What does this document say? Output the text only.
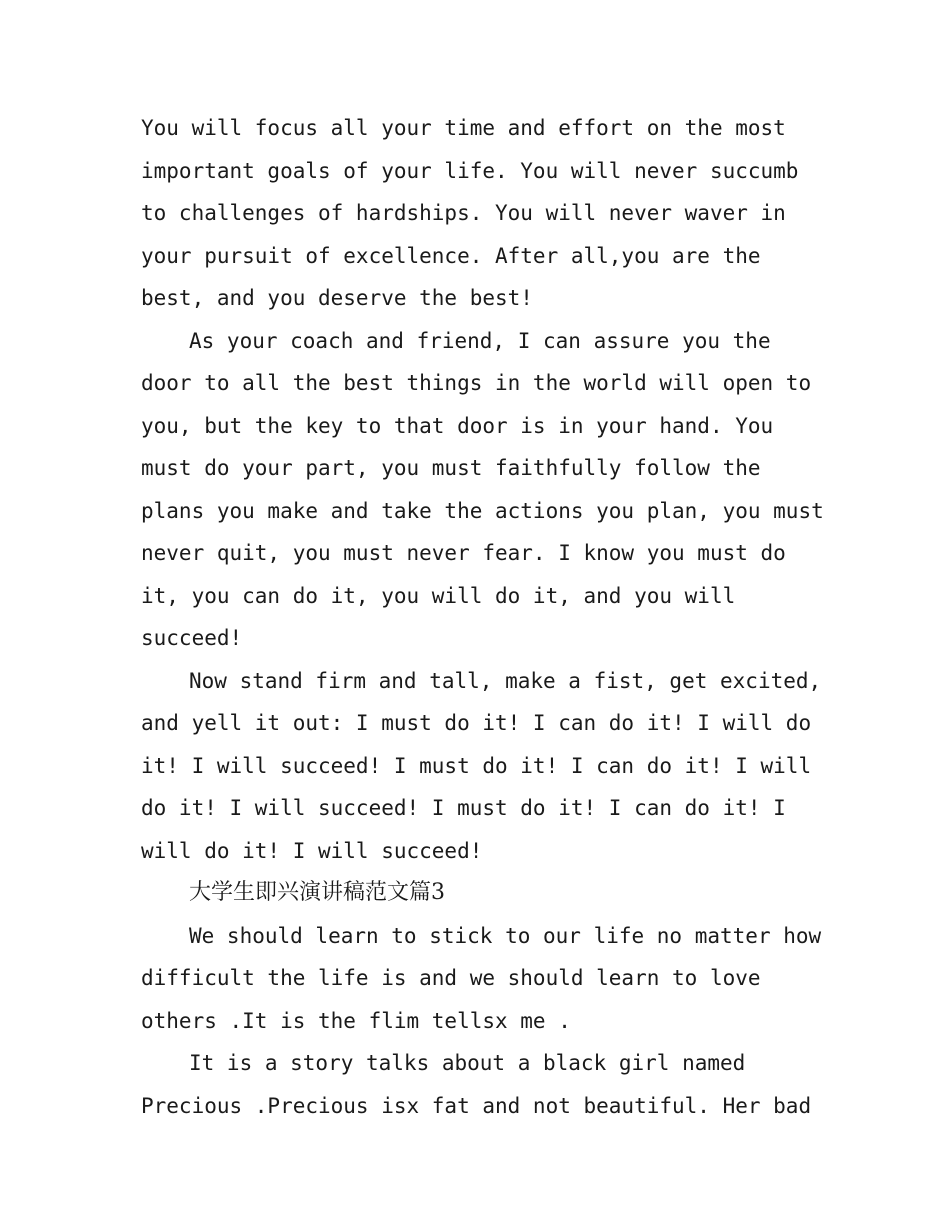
You will focus all your time and effort on the most
important goals of your life. You will never succumb
to challenges of hardships. You will never waver in
your pursuit of excellence. After all,you are the
best, and you deserve the best!

As your coach and friend, I can assure you the
door to all the best things in the world will open to
you, but the key to that door is in your hand. You
must do your part, you must faithfully follow the
plans you make and take the actions you plan, you must
never quit, you must never fear. I know you must do
it, you can do it, you will do it, and you will
succeed!

Now stand firm and tall, make a fist, get excited,
and yell it out: I must do it! I can do it! I will do
it! I will succeed! I must do it! I can do it! I will
do it! I will succeed! I must do it! I can do it! I
will do it! I will succeed!

大学生即兴演讲稿范文篇3

We should learn to stick to our life no matter how
difficult the life is and we should learn to love
others .It is the flim tellsx me .

It is a story talks about a black girl named
Precious .Precious isx fat and not beautiful. Her bad
